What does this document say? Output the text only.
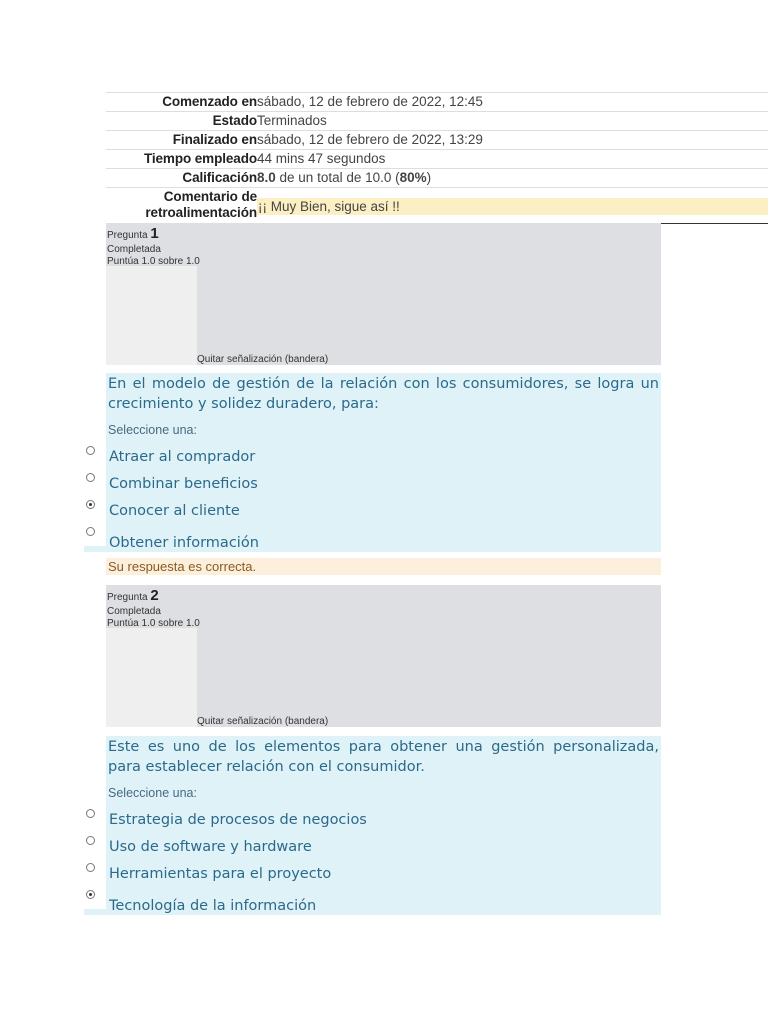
Comenzado en sábado, 12 de febrero de 2022, 12:45
Estado Terminados
Finalizado en sábado, 12 de febrero de 2022, 13:29
Tiempo empleado 44 mins 47 segundos
Calificación 8.0 de un total de 10.0 (80%)
Comentario de
retroalimentación ¡¡ Muy Bien, sigue así !!
Pregunta 1
Completada
Puntúa 1.0 sobre 1.0
Quitar señalización (bandera)
En el modelo de gestión de la relación con los consumidores, se logra un
crecimiento y solidez duradero, para:
Seleccione una:
Atraer al comprador
Combinar beneficios
Conocer al cliente
Obtener información
Su respuesta es correcta.
Pregunta 2
Completada
Puntúa 1.0 sobre 1.0
Quitar señalización (bandera)
Este es uno de los elementos para obtener una gestión personalizada,
para establecer relación con el consumidor.
Seleccione una:
Estrategia de procesos de negocios
Uso de software y hardware
Herramientas para el proyecto
Tecnología de la información
